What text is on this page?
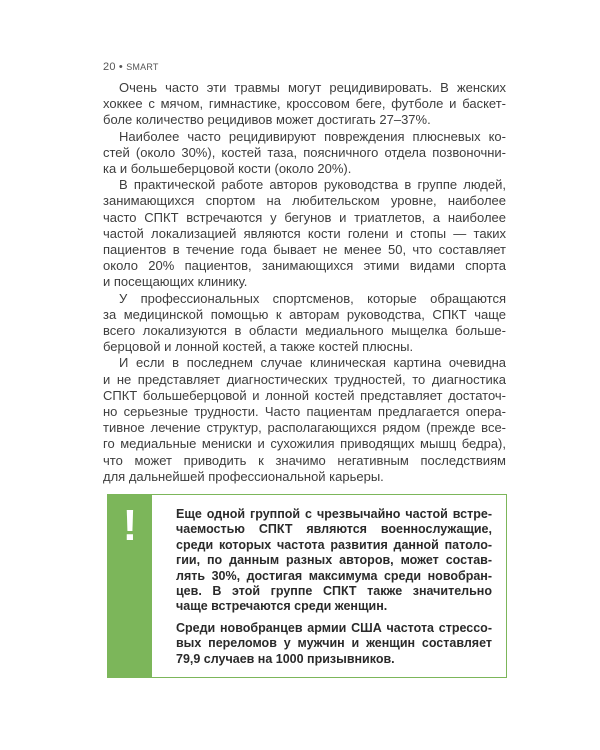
20 • SMART
Очень часто эти травмы могут рецидивировать. В женских
хоккее с мячом, гимнастике, кроссовом беге, футболе и баскет-
боле количество рецидивов может достигать 27–37%.
Наиболее часто рецидивируют повреждения плюсневых ко-
стей (около 30%), костей таза, поясничного отдела позвоночни-
ка и большеберцовой кости (около 20%).
В практической работе авторов руководства в группе людей,
занимающихся спортом на любительском уровне, наиболее
часто СПКТ встречаются у бегунов и триатлетов, а наиболее
частой локализацией являются кости голени и стопы — таких
пациентов в течение года бывает не менее 50, что составляет
около 20% пациентов, занимающихся этими видами спорта
и посещающих клинику.
У профессиональных спортсменов, которые обращаются
за медицинской помощью к авторам руководства, СПКТ чаще
всего локализуются в области медиального мыщелка больше-
берцовой и лонной костей, а также костей плюсны.
И если в последнем случае клиническая картина очевидна
и не представляет диагностических трудностей, то диагностика
СПКТ большеберцовой и лонной костей представляет достаточ-
но серьезные трудности. Часто пациентам предлагается опера-
тивное лечение структур, располагающихся рядом (прежде все-
го медиальные мениски и сухожилия приводящих мышц бедра),
что может приводить к значимо негативным последствиям
для дальнейшей профессиональной карьеры.
!	Еще одной группой с чрезвычайно частой встре-
чаемостью СПКТ являются военнослужащие,
среди которых частота развития данной патоло-
гии, по данным разных авторов, может состав-
лять 30%, достигая максимума среди новобран-
цев. В этой группе СПКТ также значительно
чаще встречаются среди женщин.
Среди новобранцев армии США частота стрессо-
вых переломов у мужчин и женщин составляет
79,9 случаев на 1000 призывников.
